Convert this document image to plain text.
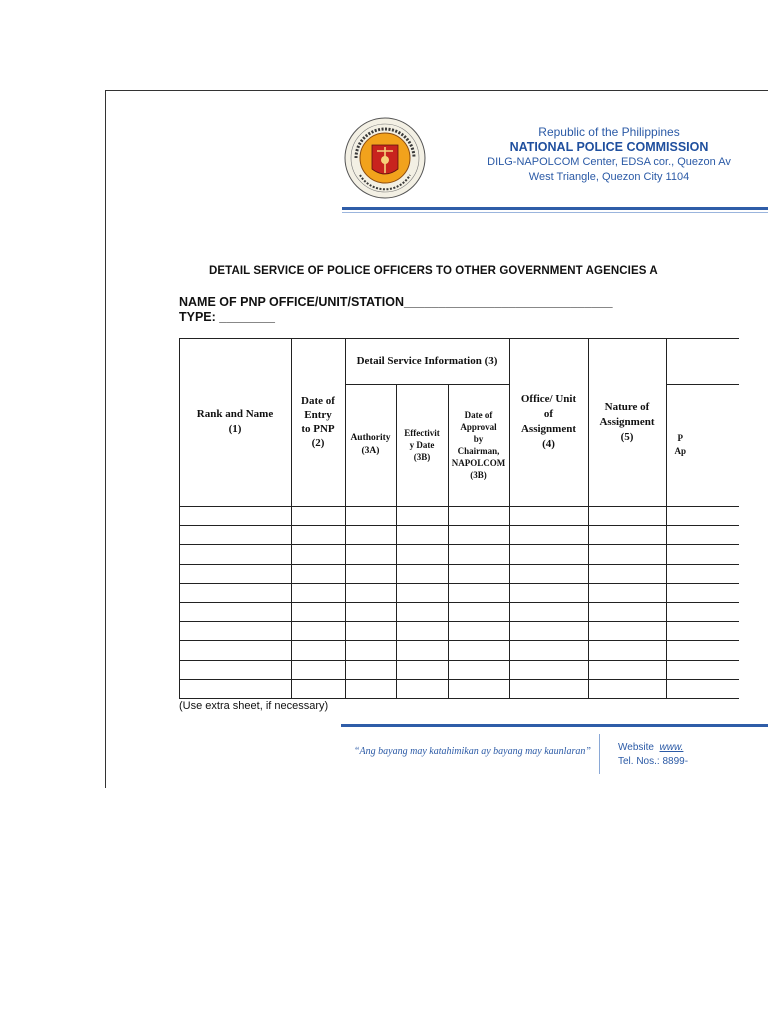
Republic of the Philippines
NATIONAL POLICE COMMISSION
DILG-NAPOLCOM Center, EDSA cor., Quezon Av
West Triangle, Quezon City 1104
DETAIL SERVICE OF POLICE OFFICERS TO OTHER GOVERNMENT AGENCIES A
NAME OF PNP OFFICE/UNIT/STATION______________________________
TYPE: ________
Rank and Name
(1)
Date of
Entry
to PNP
(2)
Detail Service Information (3)
Authority
(3A)
Effectivit
y Date
(3B)
Date of
Approval
by
Chairman,
NAPOLCOM
(3B)
Office/ Unit
of
Assignment
(4)
Nature of
Assignment
(5)	P
Ap
(Use extra sheet, if necessary)
“Ang bayang may katahimikan ay bayang may kaunlaran”	Website www.
Tel. Nos.: 8899-
